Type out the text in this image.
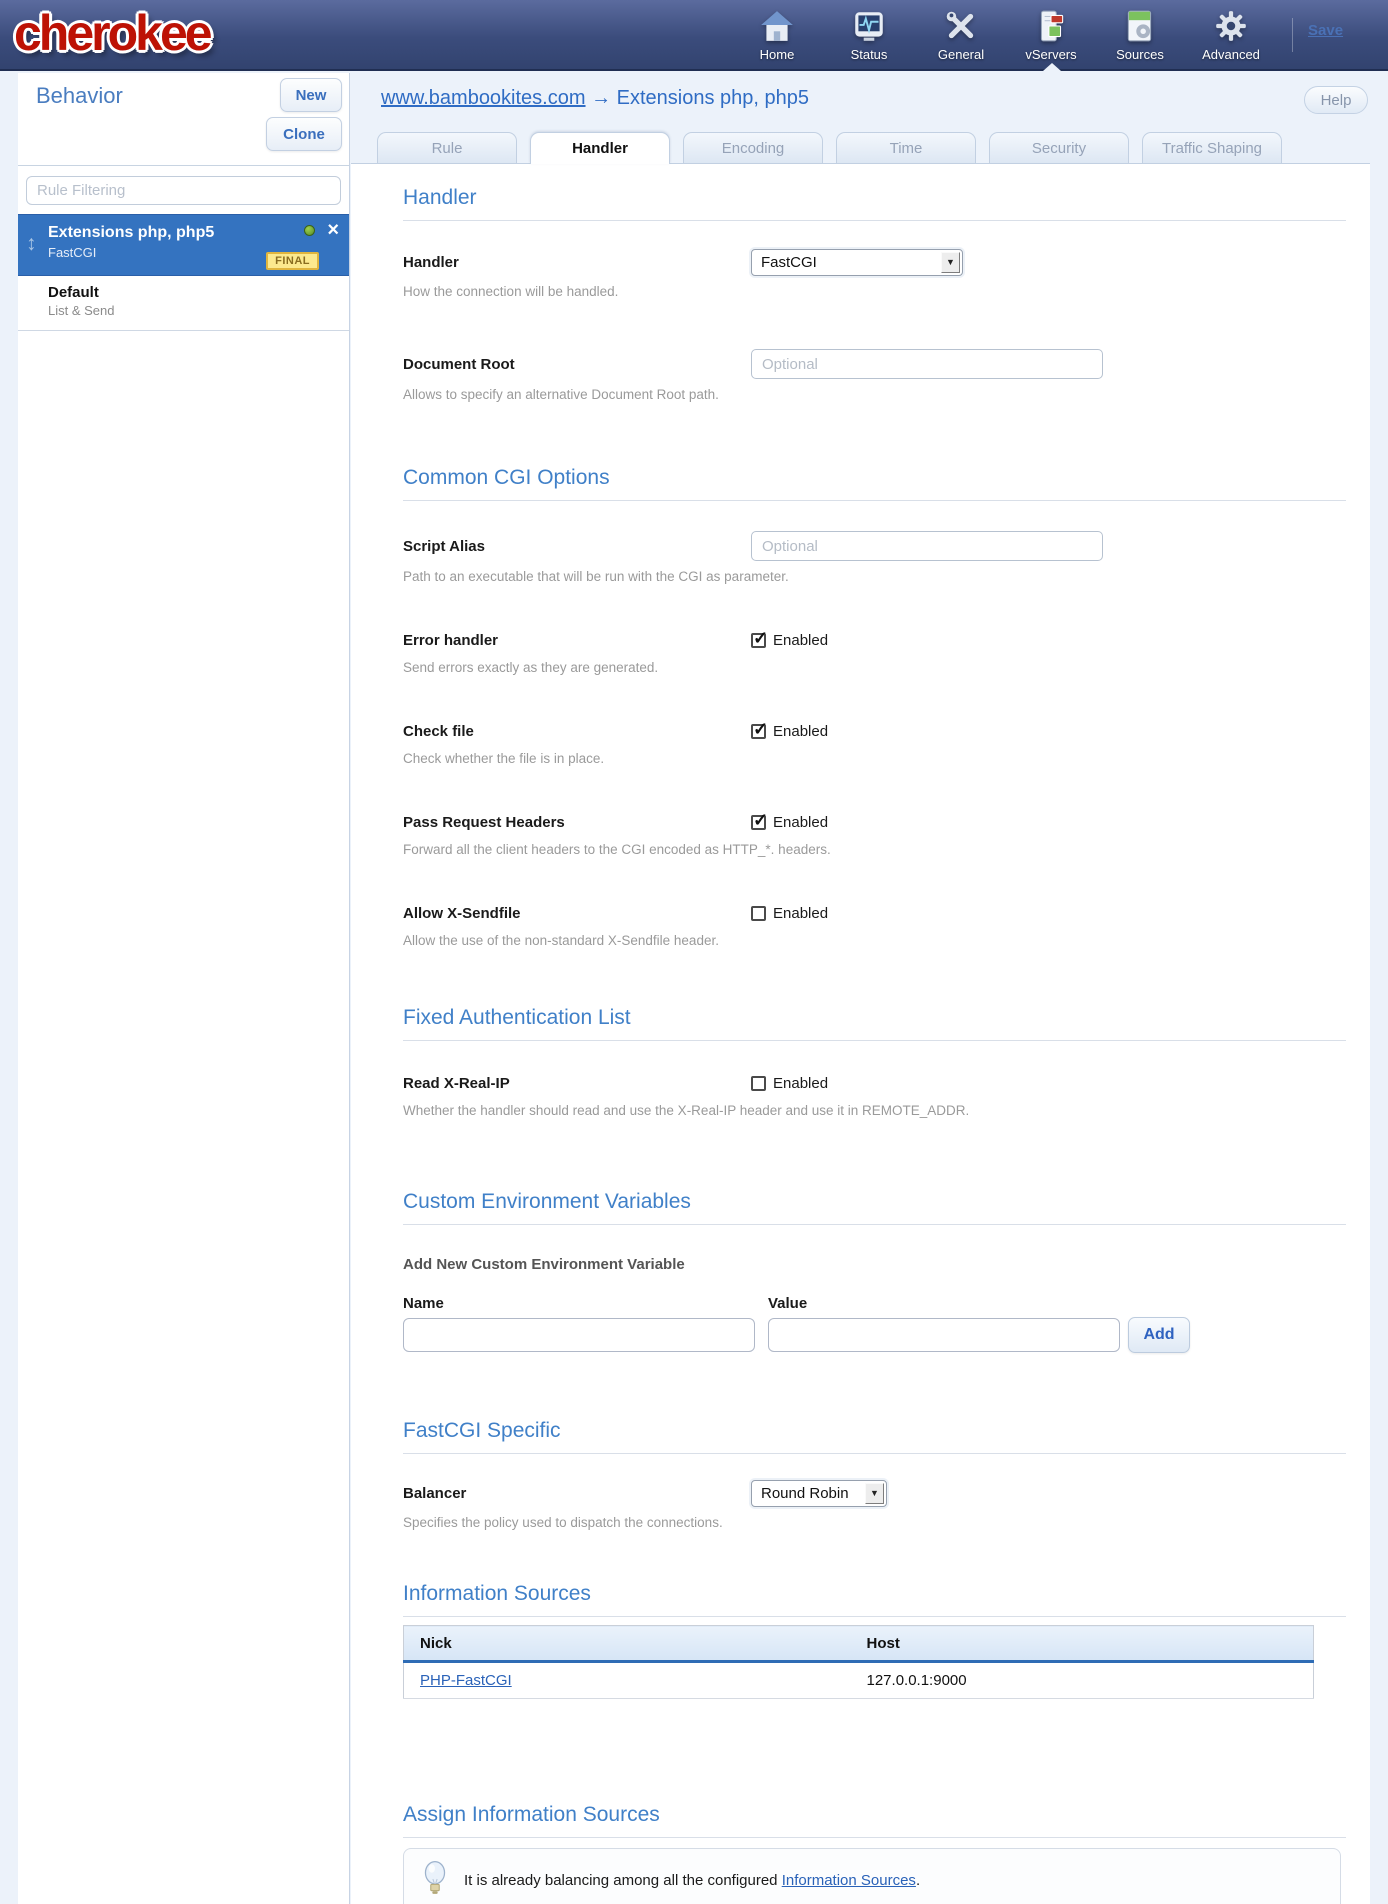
cherokee	Home	Status	General	vServers	Sources	Advanced
Save
Behavior	New
Clone
Rule Filtering
↕ Extensions php, php5
FastCGI
×
FINAL
Default
List & Send
www.bambookites.com → Extensions php, php5	Help
Rule	Handler	Encoding	Time	Security	Traffic Shaping
Handler
Handler	FastCGI	▼

How the connection will be handled.

Document Root
Optional

Allows to specify an alternative Document Root path.

Common CGI Options
Script Alias
Optional

Path to an executable that will be run with the CGI as parameter.

Error handler	✓ Enabled

Send errors exactly as they are generated.

Check file	✓ Enabled

Check whether the file is in place.

Pass Request Headers	✓ Enabled

Forward all the client headers to the CGI encoded as HTTP_*. headers.

Allow X-Sendfile	Enabled

Allow the use of the non-standard X-Sendfile header.

Fixed Authentication List
Read X-Real-IP	Enabled

Whether the handler should read and use the X-Real-IP header and use it in REMOTE_ADDR.

Custom Environment Variables
Add New Custom Environment Variable
Name	Value
Add
FastCGI Specific
Balancer	Round Robin	▼

Specifies the policy used to dispatch the connections.

Information Sources
Nick	Host
PHP-FastCGI	127.0.0.1:9000
Assign Information Sources
It is already balancing among all the configured Information Sources.
